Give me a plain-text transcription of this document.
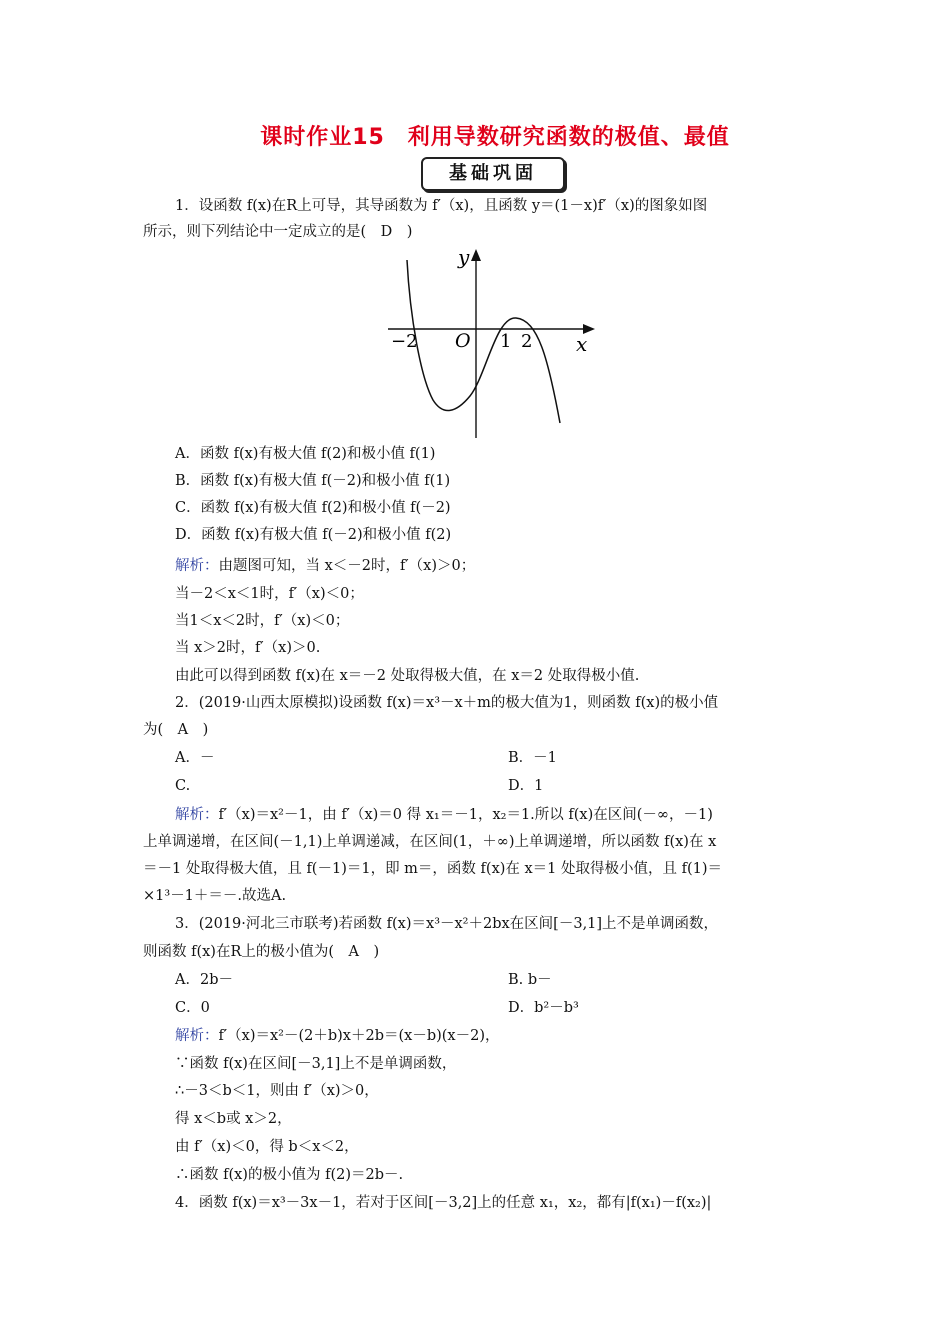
课时作业15　利用导数研究函数的极值、最值
基础巩固
1．设函数 f(x)在R上可导，其导函数为 f′（x)，且函数 y＝(1－x)f′（x)的图象如图
所示，则下列结论中一定成立的是(　D　)
y
x
O
−2	1 2
A．函数 f(x)有极大值 f(2)和极小值 f(1)
B．函数 f(x)有极大值 f(－2)和极小值 f(1)
C．函数 f(x)有极大值 f(2)和极小值 f(－2)
D．函数 f(x)有极大值 f(－2)和极小值 f(2)
解析：由题图可知，当 x＜－2时，f′（x)＞0；
当－2＜x＜1时，f′（x)＜0；
当1＜x＜2时，f′（x)＜0；
当 x＞2时，f′（x)＞0.
由此可以得到函数 f(x)在 x＝－2 处取得极大值，在 x＝2 处取得极小值.
2．(2019·山西太原模拟)设函数 f(x)＝x³－x＋m的极大值为1，则函数 f(x)的极小值
为(　A　)
A．－	B．－1
C.	D．1
解析：f′（x)＝x²－1，由 f′（x)＝0 得 x₁＝－1，x₂＝1.所以 f(x)在区间(－∞，－1)
上单调递增，在区间(－1,1)上单调递减，在区间(1，＋∞)上单调递增，所以函数 f(x)在 x
＝－1 处取得极大值，且 f(－1)＝1，即 m＝，函数 f(x)在 x＝1 处取得极小值，且 f(1)＝
×1³－1＋＝－.故选A.
3．(2019·河北三市联考)若函数 f(x)＝x³－x²＋2bx在区间[－3,1]上不是单调函数，
则函数 f(x)在R上的极小值为(　A　)
A．2b－	B. b－
C．0	D．b²－b³
解析：f′（x)＝x²－(2＋b)x＋2b＝(x－b)(x－2)，
∵函数 f(x)在区间[－3,1]上不是单调函数，
∴－3＜b＜1，则由 f′（x)＞0，
得 x＜b或 x＞2，
由 f′（x)＜0，得 b＜x＜2，
∴函数 f(x)的极小值为 f(2)＝2b－.
4．函数 f(x)＝x³－3x－1，若对于区间[－3,2]上的任意 x₁，x₂，都有|f(x₁)－f(x₂)|
